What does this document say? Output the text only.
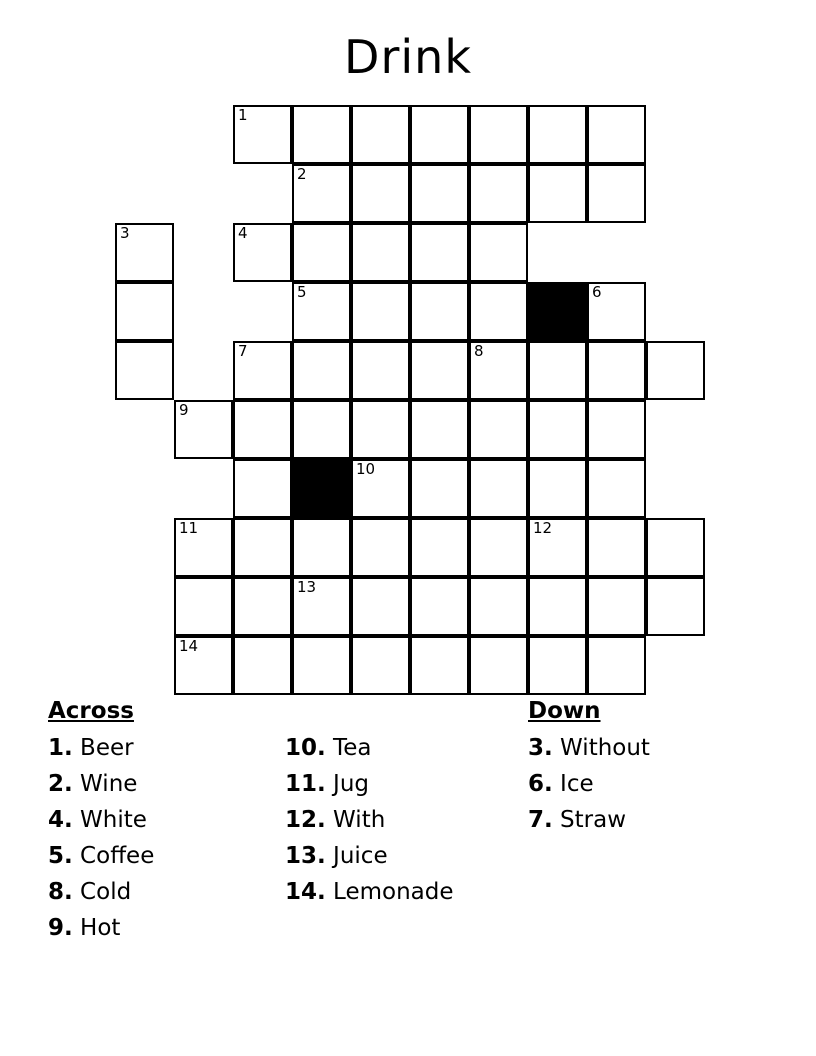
Drink
1
2
3	4
5	6
7	8
9
10
11	12
13
14
Across
1. Beer
2. Wine
4. White
5. Coffee
8. Cold
9. Hot
10. Tea
11. Jug
12. With
13. Juice
14. Lemonade
Down
3. Without
6. Ice
7. Straw
